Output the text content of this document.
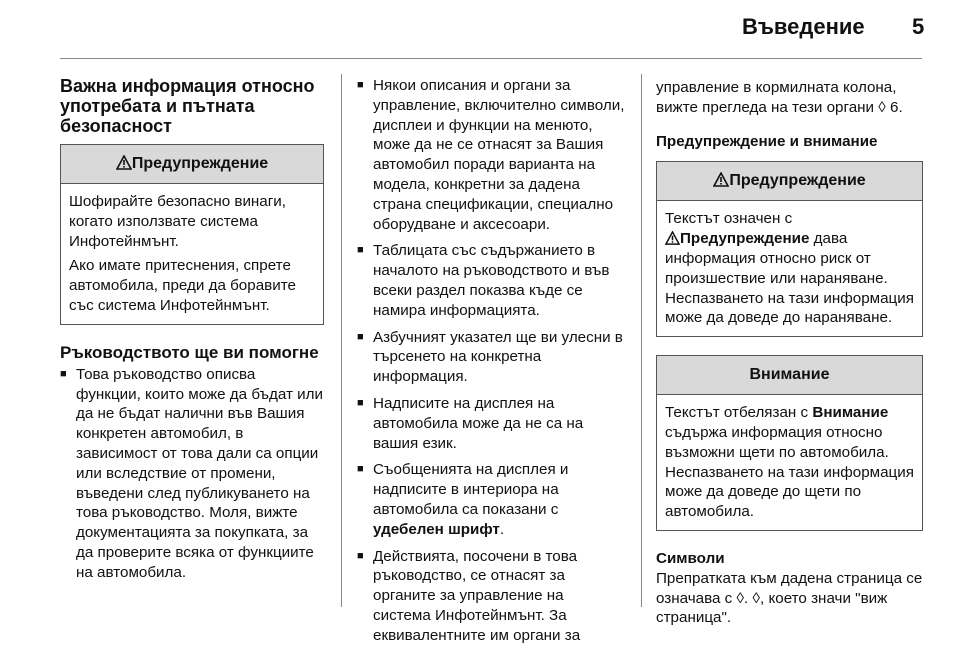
Въведение 5
Важна информация относно употребата и пътната безопасност
Предупреждение

Шофирайте безопасно винаги, когато използвате система Инфотейнмънт.

Ако имате притеснения, спрете автомобила, преди да боравите със система Инфотейнмънт.

Ръководството ще ви помогне
■ Това ръководство описва функции, които може да бъдат или да не бъдат налични във Вашия конкретен автомобил, в зависимост от това дали са опции или вследствие от промени, въведени след публикуването на това ръководство. Моля, вижте документацията за покупката, за да проверите всяка от функциите на автомобила.
■ Някои описания и органи за управление, включително символи, дисплеи и функции на менюто, може да не се отнасят за Вашия автомобил поради варианта на модела, конкретни за дадена страна спецификации, специално оборудване и аксесоари.
■ Таблицата със съдържанието в началото на ръководството и във всеки раздел показва къде се намира информацията.
■ Азбучният указател ще ви улесни в търсенето на конкретна информация.
■ Надписите на дисплея на автомобила може да не са на вашия език.
■ Съобщенията на дисплея и надписите в интериора на автомобила са показани с удебелен шрифт.
■ Действията, посочени в това ръководство, се отнасят за органите за управление на система Инфотейнмънт. За еквивалентните им органи за

управление в кормилната колона, вижте прегледа на тези органи ◊ 6.

Предупреждение и внимание
Предупреждение
Текстът означен с
Предупреждение дава информация относно риск от произшествие или нараняване. Неспазването на тази информация може да доведе до нараняване.
Внимание
Текстът отбелязан с Внимание съдържа информация относно възможни щети по автомобила. Неспазването на тази информация може да доведе до щети по автомобила.
Символи
Препратката към дадена страница се означава с ◊. ◊, което значи "виж страница".
